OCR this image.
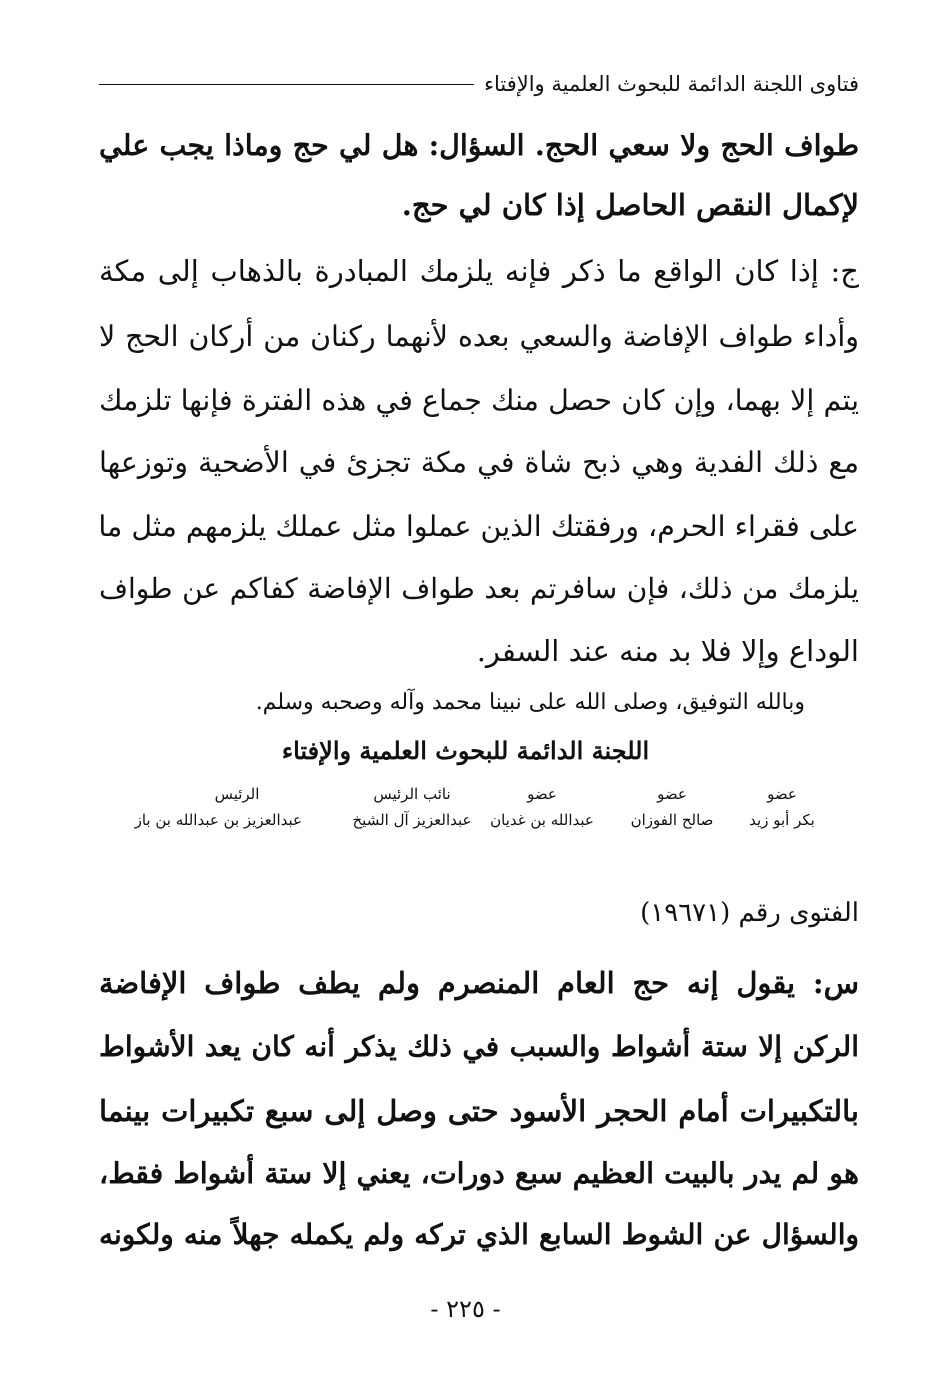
فتاوى اللجنة الدائمة للبحوث العلمية والإفتاء
طواف الحج ولا سعي الحج. السؤال: هل لي حج وماذا يجب علي
لإكمال النقص الحاصل إذا كان لي حج.
ج: إذا كان الواقع ما ذكر فإنه يلزمك المبادرة بالذهاب إلى مكة
وأداء طواف الإفاضة والسعي بعده لأنهما ركنان من أركان الحج لا
يتم إلا بهما، وإن كان حصل منك جماع في هذه الفترة فإنها تلزمك
مع ذلك الفدية وهي ذبح شاة في مكة تجزئ في الأضحية وتوزعها
على فقراء الحرم، ورفقتك الذين عملوا مثل عملك يلزمهم مثل ما
يلزمك من ذلك، فإن سافرتم بعد طواف الإفاضة كفاكم عن طواف
الوداع وإلا فلا بد منه عند السفر.
وبالله التوفيق، وصلى الله على نبينا محمد وآله وصحبه وسلم.
اللجنة الدائمة للبحوث العلمية والإفتاء
عضو
بكر أبو زيد
عضو
صالح الفوزان
عضو
عبدالله بن غديان
نائب الرئيس
عبدالعزيز آل الشيخ
الرئيس
عبدالعزيز بن عبدالله بن باز
الفتوى رقم (١٩٦٧١)
س: يقول إنه حج العام المنصرم ولم يطف طواف الإفاضة
الركن إلا ستة أشواط والسبب في ذلك يذكر أنه كان يعد الأشواط
بالتكبيرات أمام الحجر الأسود حتى وصل إلى سبع تكبيرات بينما
هو لم يدر بالبيت العظيم سبع دورات، يعني إلا ستة أشواط فقط،
والسؤال عن الشوط السابع الذي تركه ولم يكمله جهلاً منه ولكونه
- ٢٢٥ -
